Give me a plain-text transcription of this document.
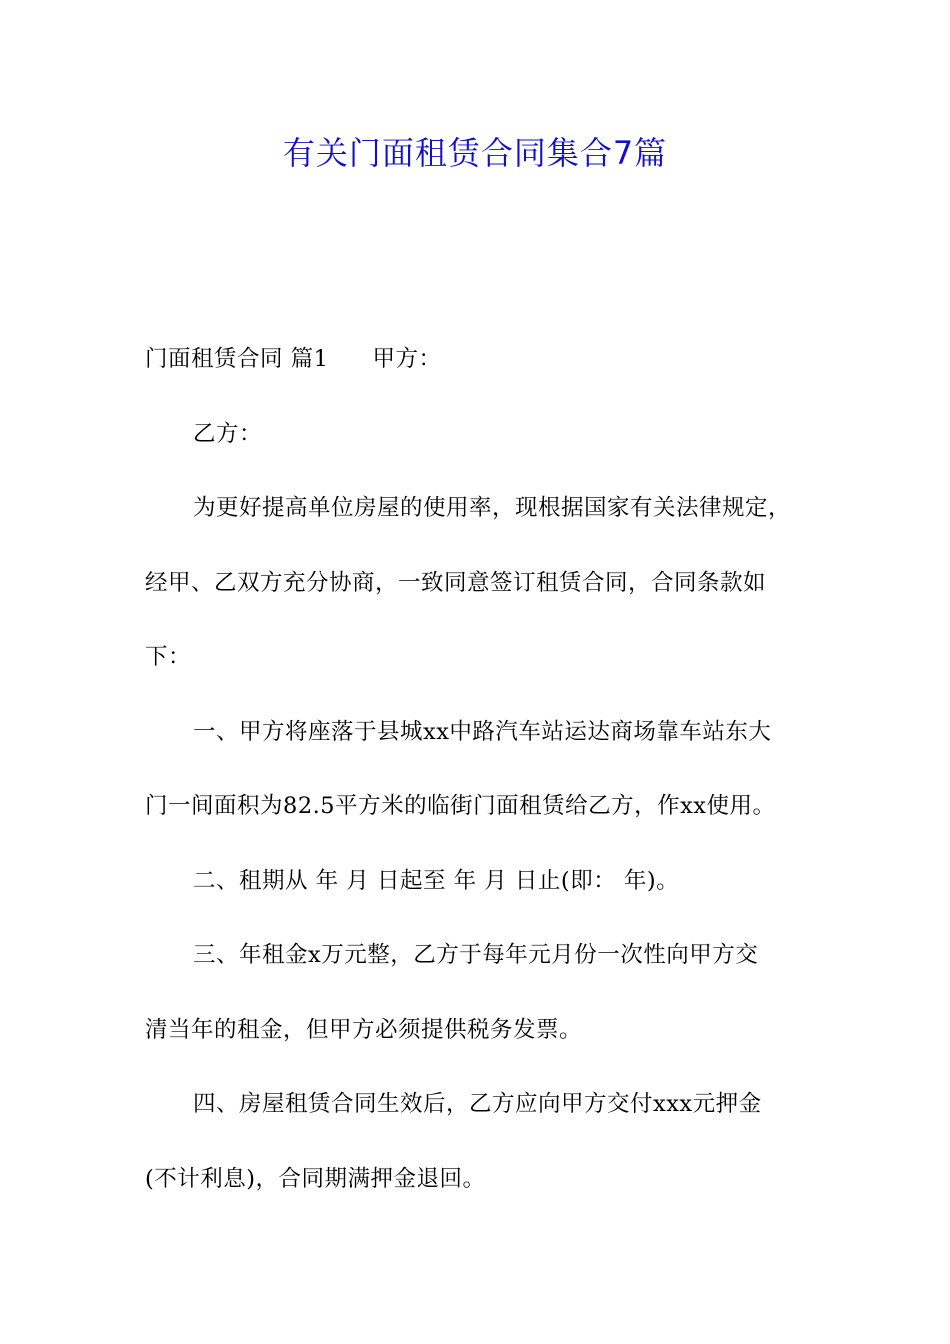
有关门面租赁合同集合7篇

门面租赁合同 篇1 甲方：

乙方：

为更好提高单位房屋的使用率，现根据国家有关法律规定，

经甲、乙双方充分协商，一致同意签订租赁合同，合同条款如

下：

一、甲方将座落于县城xx中路汽车站运达商场靠车站东大

门一间面积为82.5平方米的临街门面租赁给乙方，作xx使用。

二、租期从 年 月 日起至 年 月 日止(即： 年)。

三、年租金x万元整，乙方于每年元月份一次性向甲方交

清当年的租金，但甲方必须提供税务发票。

四、房屋租赁合同生效后，乙方应向甲方交付xxx元押金

(不计利息)，合同期满押金退回。
